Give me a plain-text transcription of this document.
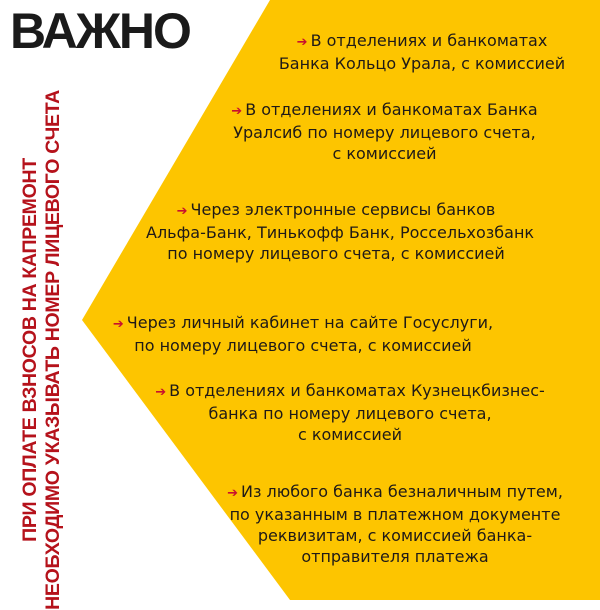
ВАЖНО
ПРИ ОПЛАТЕ ВЗНОСОВ НА КАПРЕМОНТ НЕОБХОДИМО УКАЗЫВАТЬ НОМЕР ЛИЦЕВОГО СЧЕТА
➔ В отделениях и банкоматах
Банка Кольцо Урала, с комиссией
➔ В отделениях и банкоматах Банка
Уралсиб по номеру лицевого счета,
с комиссией
➔ Через электронные сервисы банков
Альфа-Банк, Тинькофф Банк, Россельхозбанк
по номеру лицевого счета, с комиссией
➔ Через личный кабинет на сайте Госуслуги,
по номеру лицевого счета, с комиссией
➔ В отделениях и банкоматах Кузнецкбизнес-
банка по номеру лицевого счета,
с комиссией
➔ Из любого банка безналичным путем,
по указанным в платежном документе
реквизитам, с комиссией банка-
отправителя платежа
